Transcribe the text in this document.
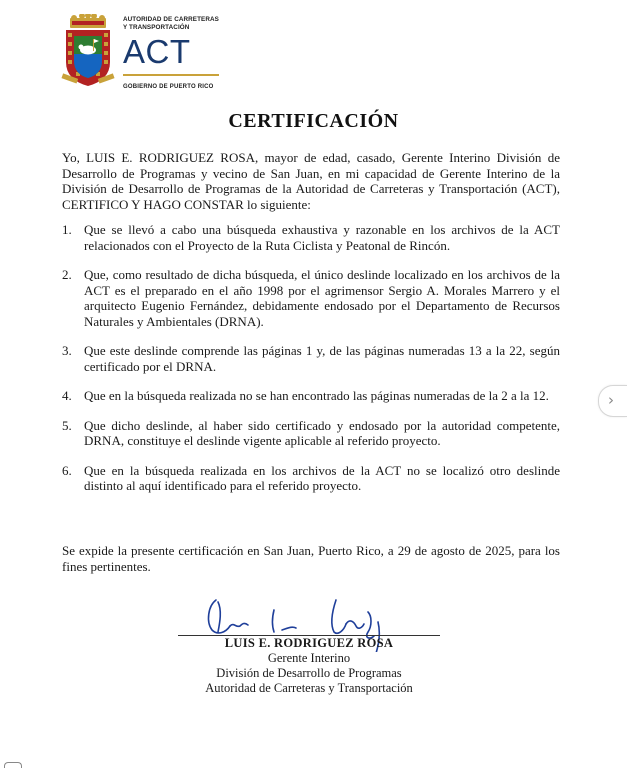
AUTORIDAD DE CARRETERAS
Y TRANSPORTACIÓN
ACT
GOBIERNO DE PUERTO RICO
CERTIFICACIÓN
Yo, LUIS E. RODRIGUEZ ROSA, mayor de edad, casado, Gerente Interino División de Desarrollo de Programas y vecino de San Juan, en mi capacidad de Gerente Interino de la División de Desarrollo de Programas de la Autoridad de Carreteras y Transportación (ACT), CERTIFICO Y HAGO CONSTAR lo siguiente:
1. Que se llevó a cabo una búsqueda exhaustiva y razonable en los archivos de la ACT relacionados con el Proyecto de la Ruta Ciclista y Peatonal de Rincón.
2. Que, como resultado de dicha búsqueda, el único deslinde localizado en los archivos de la ACT es el preparado en el año 1998 por el agrimensor Sergio A. Morales Marrero y el arquitecto Eugenio Fernández, debidamente endosado por el Departamento de Recursos Naturales y Ambientales (DRNA).
3. Que este deslinde comprende las páginas 1 y, de las páginas numeradas 13 a la 22, según certificado por el DRNA.
4. Que en la búsqueda realizada no se han encontrado las páginas numeradas de la 2 a la 12.
5. Que dicho deslinde, al haber sido certificado y endosado por la autoridad competente, DRNA, constituye el deslinde vigente aplicable al referido proyecto.
6. Que en la búsqueda realizada en los archivos de la ACT no se localizó otro deslinde distinto al aquí identificado para el referido proyecto.
Se expide la presente certificación en San Juan, Puerto Rico, a 29 de agosto de 2025, para los fines pertinentes.
LUIS E. RODRIGUEZ ROSA
Gerente Interino
División de Desarrollo de Programas
Autoridad de Carreteras y Transportación
›
